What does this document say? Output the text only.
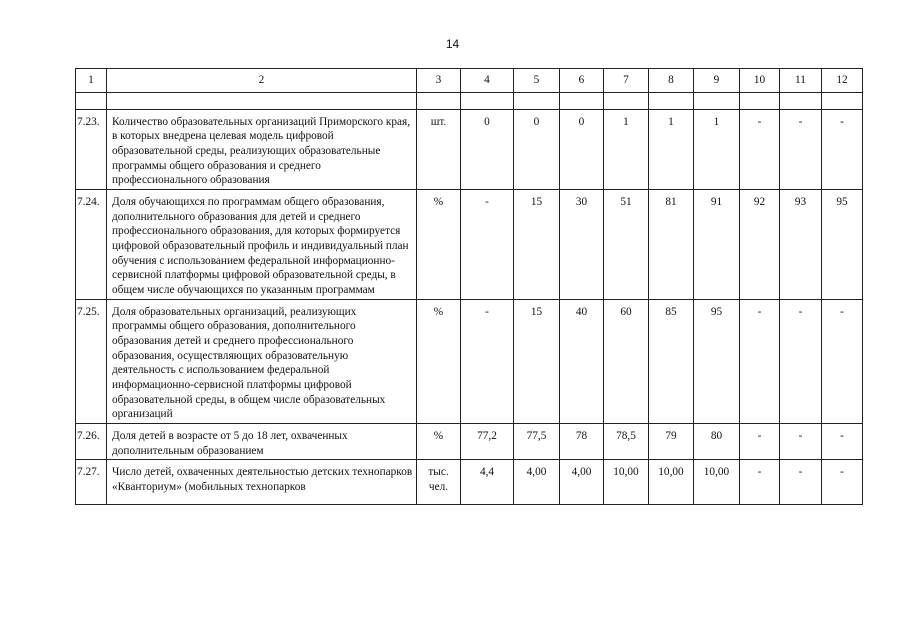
14
1	2	3	4	5	6	7	8	9	10	11	12

7.23.	Количество образовательных организаций Приморского края, в которых внедрена целевая модель цифровой образовательной среды, реализующих образовательные программы общего образования и среднего профессионального образования	шт.	0	0	0	1	1	1	-	-	-
7.24.	Доля обучающихся по программам общего образования, дополнительного образования для детей и среднего профессионального образования, для которых формируется цифровой образовательный профиль и индивидуальный план обучения с использованием федеральной информационно-сервисной платформы цифровой образовательной среды, в общем числе обучающихся по указанным программам	%	-	15	30	51	81	91	92	93	95
7.25.	Доля образовательных организаций, реализующих программы общего образования, дополнительного образования детей и среднего профессионального образования, осуществляющих образовательную деятельность с использованием федеральной информационно-сервисной платформы цифровой образовательной среды, в общем числе образовательных организаций	%	-	15	40	60	85	95	-	-	-
7.26.	Доля детей в возрасте от 5 до 18 лет, охваченных дополнительным образованием	%	77,2	77,5	78	78,5	79	80	-	-	-
7.27.	Число детей, охваченных деятельностью детских технопарков «Кванториум» (мобильных технопарков	тыс. чел.	4,4	4,00	4,00	10,00	10,00	10,00	-	-	-
